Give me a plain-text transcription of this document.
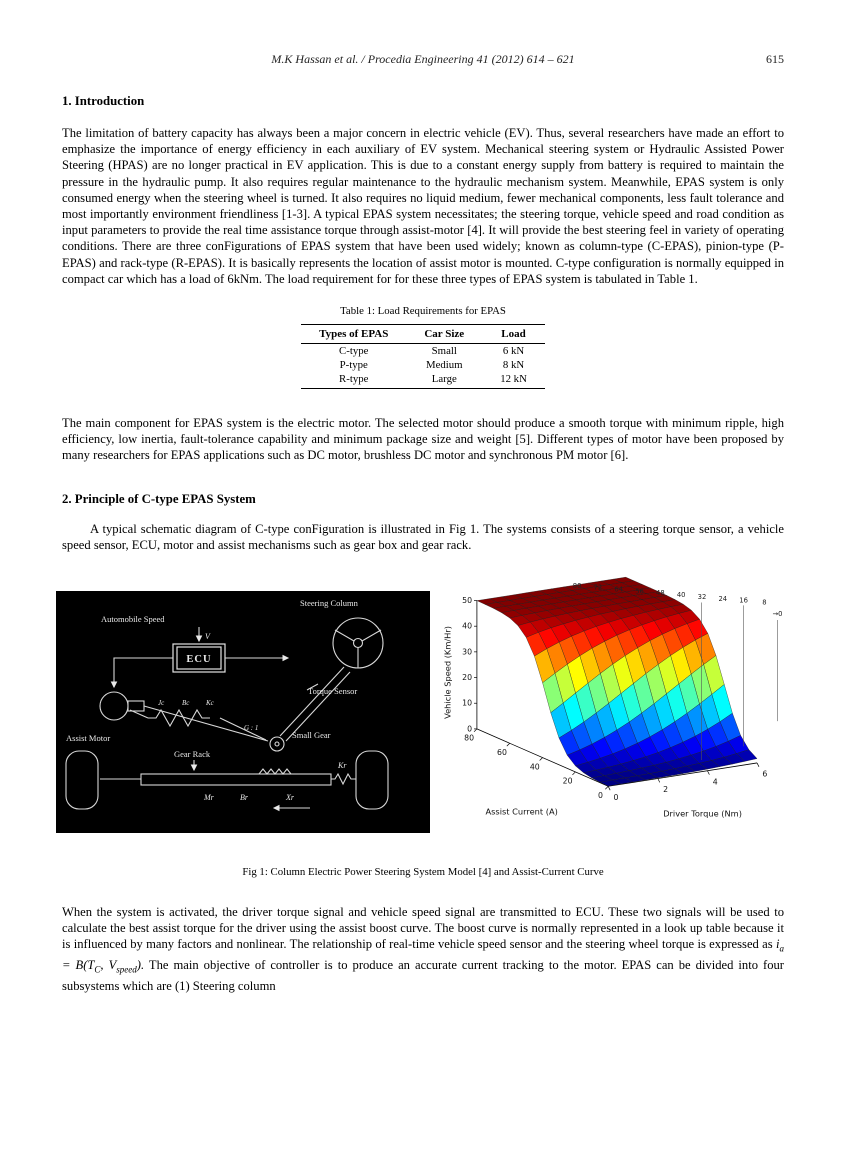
M.K Hassan et al. / Procedia Engineering 41 (2012) 614 – 621	615
1. Introduction

The limitation of battery capacity has always been a major concern in electric vehicle (EV). Thus, several researchers have made an effort to emphasize the importance of energy efficiency in each auxiliary of EV system. Mechanical steering system or Hydraulic Assisted Power Steering (HPAS) are no longer practical in EV application. This is due to a constant energy supply from battery is required to maintain the pressure in the hydraulic pump. It also requires regular maintenance to the hydraulic mechanism system. Meanwhile, EPAS system is only consumed energy when the steering wheel is turned. It also requires no liquid medium, fewer mechanical components, less fault tolerance and most importantly environment friendliness [1-3]. A typical EPAS system necessitates; the steering torque, vehicle speed and road condition as input parameters to provide the real time assistance torque through assist-motor [4]. It will provide the best steering feel in variety of operating conditions. There are three conFigurations of EPAS system that have been used widely; known as column-type (C-EPAS), pinion-type (P-EPAS) and rack-type (R-EPAS). It is basically represents the location of assist motor is mounted. C-type configuration is normally equipped in compact car which has a load of 6kNm. The load requirement for for these three types of EPAS system is tabulated in Table 1.

Table 1: Load Requirements for EPAS
Types of EPAS	Car Size	Load
C-type	Small	6 kN
P-type	Medium	8 kN
R-type	Large	12 kN

The main component for EPAS system is the electric motor. The selected motor should produce a smooth torque with minimum ripple, high efficiency, low inertia, fault-tolerance capability and minimum package size and weight [5]. Different types of motor have been proposed by many researchers for EPAS applications such as DC motor, brushless DC motor and synchronous PM motor [6].

2. Principle of C-type EPAS System

A typical schematic diagram of C-type conFiguration is illustrated in Fig 1. The systems consists of a steering torque sensor, a vehicle speed sensor, ECU, motor and assist mechanisms such as gear box and gear rack.

Steering Column
Automobile Speed
V
ECU
Assist Motor
Torque Sensor
Jc	Bc Kc
G : 1
Small Gear
Gear Rack
Kr
Mr	Br	Xr
0
10
20
30
40
50
0
20
40
60
80
0
2
4
6
Vehicle Speed (Km/Hr)
Assist Current (A)	Driver Torque (Nm)
80 72 64 56 48 40 32 24 16 8
→0
Fig 1: Column Electric Power Steering System Model [4] and Assist-Current Curve

When the system is activated, the driver torque signal and vehicle speed signal are transmitted to ECU. These two signals will be used to calculate the best assist torque for the driver using the assist boost curve. The boost curve is normally represented in a look up table because it is influenced by many factors and nonlinear. The relationship of real-time vehicle speed sensor and the steering wheel torque is expressed as $i_a = B(T_C$, $V_{speed}$). The main objective of controller is to produce an accurate current tracking to the motor. EPAS can be divided into four subsystems which are (1) Steering column
